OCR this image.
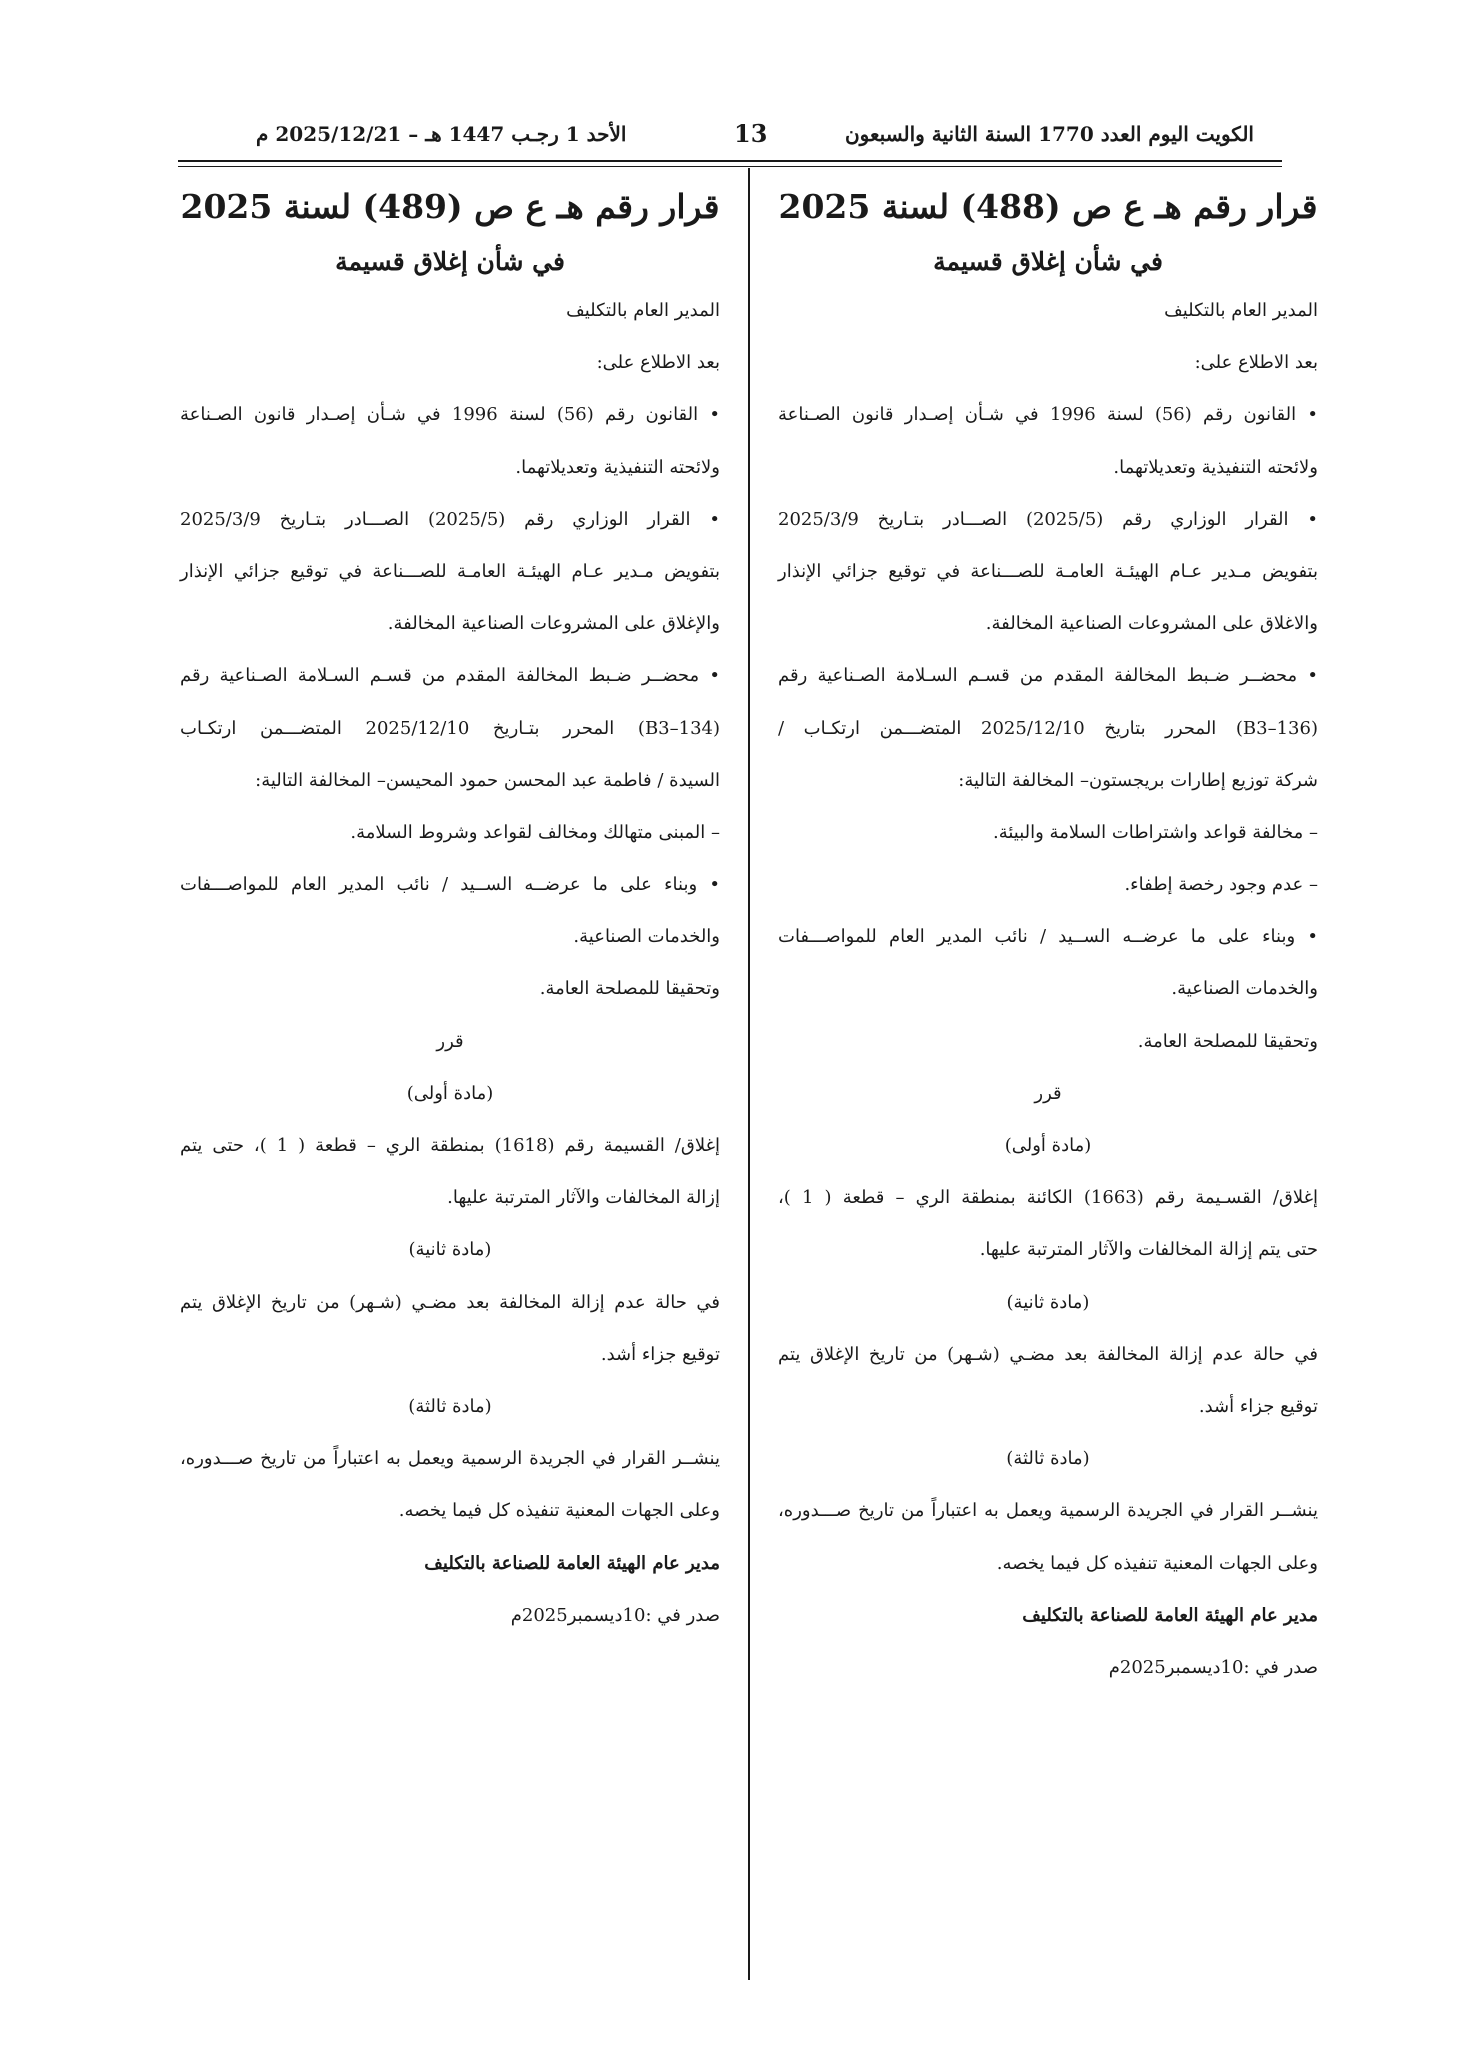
الكويت اليوم العدد 1770 السنة الثانية والسبعون
13
الأحد 1 رجـب 1447 هـ – 2025/12/21 م
قرار رقم هـ ع ص (488) لسنة 2025
في شأن إغلاق قسيمة
المدير العام بالتكليف
بعد الاطلاع على:
• القانون رقم (56) لسنة 1996 في شـأن إصـدار قانون الصـناعة
ولائحته التنفيذية وتعديلاتهما.
• القرار الوزاري رقم (2025/5) الصـــادر بتـاريخ 2025/3/9
بتفويض مـدير عـام الهيئـة العامـة للصـــناعة في توقيع جزائي الإنذار
والاغلاق على المشروعات الصناعية المخالفة.
• محضــر ضـبط المخالفة المقدم من قسـم السـلامة الصـناعية رقم
(B3–136) المحرر بتاريخ 2025/12/10 المتضـــمن ارتكـاب /
شركة توزيع إطارات بريجستون– المخالفة التالية:
– مخالفة قواعد واشتراطات السلامة والبيئة.
– عدم وجود رخصة إطفاء.
• وبناء على ما عرضــه الســيد / نائب المدير العام للمواصـــفات
والخدمات الصناعية.
وتحقيقا للمصلحة العامة.
قرر
(مادة أولى)
إغلاق/ القسـيمة رقم (1663) الكائنة بمنطقة الري – قطعة ( 1 )،
حتى يتم إزالة المخالفات والآثار المترتبة عليها.
(مادة ثانية)
في حالة عدم إزالة المخالفة بعد مضـي (شـهر) من تاريخ الإغلاق يتم
توقيع جزاء أشد.
(مادة ثالثة)
ينشــر القرار في الجريدة الرسمية ويعمل به اعتباراً من تاريخ صـــدوره،
وعلى الجهات المعنية تنفيذه كل فيما يخصه.
مدير عام الهيئة العامة للصناعة بالتكليف
صدر في :10ديسمبر2025م
قرار رقم هـ ع ص (489) لسنة 2025
في شأن إغلاق قسيمة
المدير العام بالتكليف
بعد الاطلاع على:
• القانون رقم (56) لسنة 1996 في شـأن إصـدار قانون الصـناعة
ولائحته التنفيذية وتعديلاتهما.
• القرار الوزاري رقم (2025/5) الصـــادر بتـاريخ 2025/3/9
بتفويض مـدير عـام الهيئـة العامـة للصـــناعة في توقيع جزائي الإنذار
والإغلاق على المشروعات الصناعية المخالفة.
• محضــر ضـبط المخالفة المقدم من قسـم السـلامة الصـناعية رقم
(B3–134) المحرر بتـاريخ 2025/12/10 المتضـــمن ارتكـاب
السيدة / فاطمة عبد المحسن حمود المحيسن– المخالفة التالية:
– المبنى متهالك ومخالف لقواعد وشروط السلامة.
• وبناء على ما عرضــه الســيد / نائب المدير العام للمواصـــفات
والخدمات الصناعية.
وتحقيقا للمصلحة العامة.
قرر
(مادة أولى)
إغلاق/ القسيمة رقم (1618) بمنطقة الري – قطعة ( 1 )، حتى يتم
إزالة المخالفات والآثار المترتبة عليها.
(مادة ثانية)
في حالة عدم إزالة المخالفة بعد مضـي (شـهر) من تاريخ الإغلاق يتم
توقيع جزاء أشد.
(مادة ثالثة)
ينشــر القرار في الجريدة الرسمية ويعمل به اعتباراً من تاريخ صـــدوره،
وعلى الجهات المعنية تنفيذه كل فيما يخصه.
مدير عام الهيئة العامة للصناعة بالتكليف
صدر في :10ديسمبر2025م
